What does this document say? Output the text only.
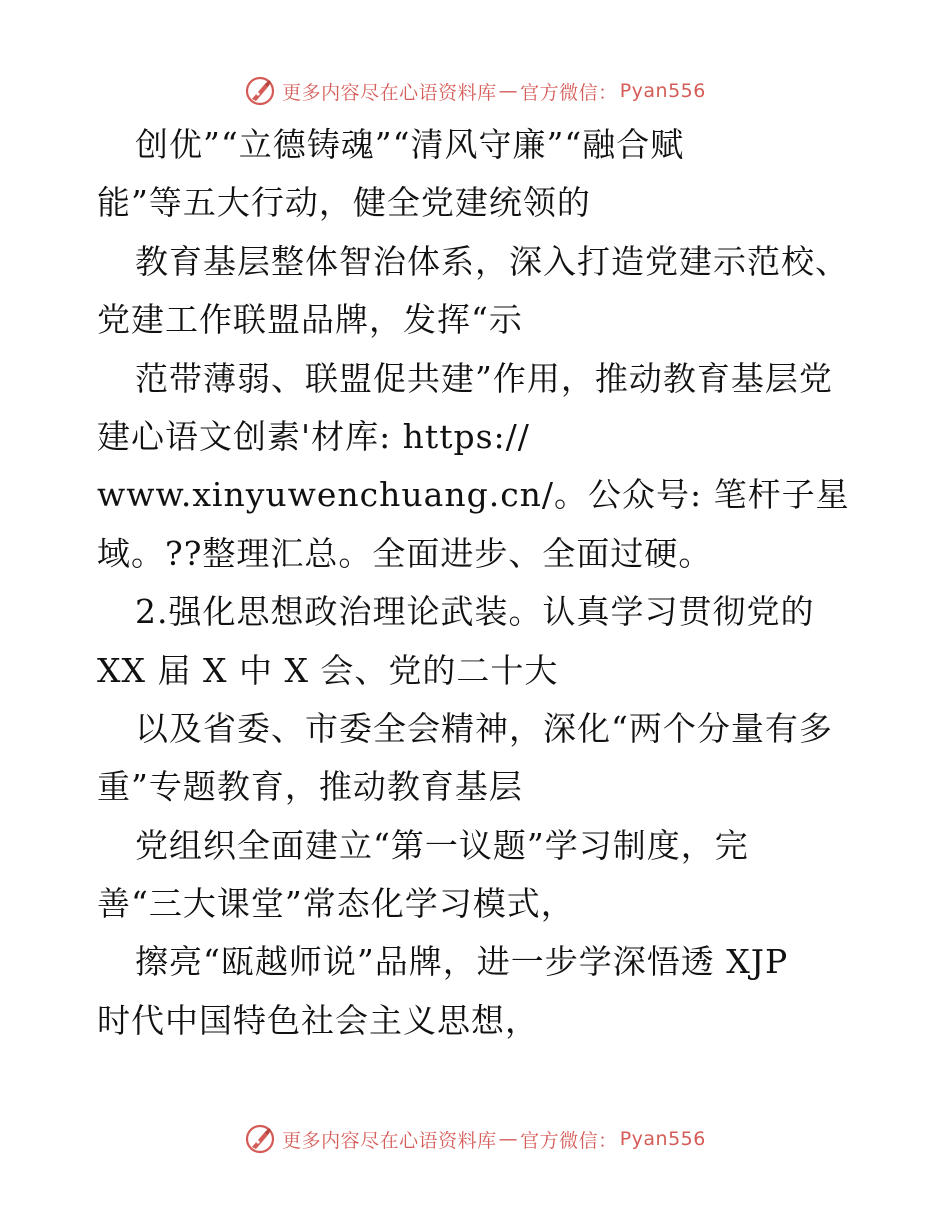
更多内容尽在心语资料库 — 官方微信： Pyan556
创优”“立德铸魂”“清风守廉”“融合赋
能”等五大行动，健全党建统领的
教育基层整体智治体系，深入打造党建示范校、
党建工作联盟品牌，发挥“示
范带薄弱、联盟促共建”作用，推动教育基层党
建心语文创素'材库: https://
www.xinyuwenchuang.cn/。公众号: 笔杆子星
域。??整理汇总。全面进步、全面过硬。
2.强化思想政治理论武装。认真学习贯彻党的
XX 届 X 中 X 会、党的二十大
以及省委、市委全会精神，深化“两个分量有多
重”专题教育，推动教育基层
党组织全面建立“第一议题”学习制度，完
善“三大课堂”常态化学习模式，
擦亮“瓯越师说”品牌，进一步学深悟透 XJP
时代中国特色社会主义思想，
更多内容尽在心语资料库 — 官方微信： Pyan556
